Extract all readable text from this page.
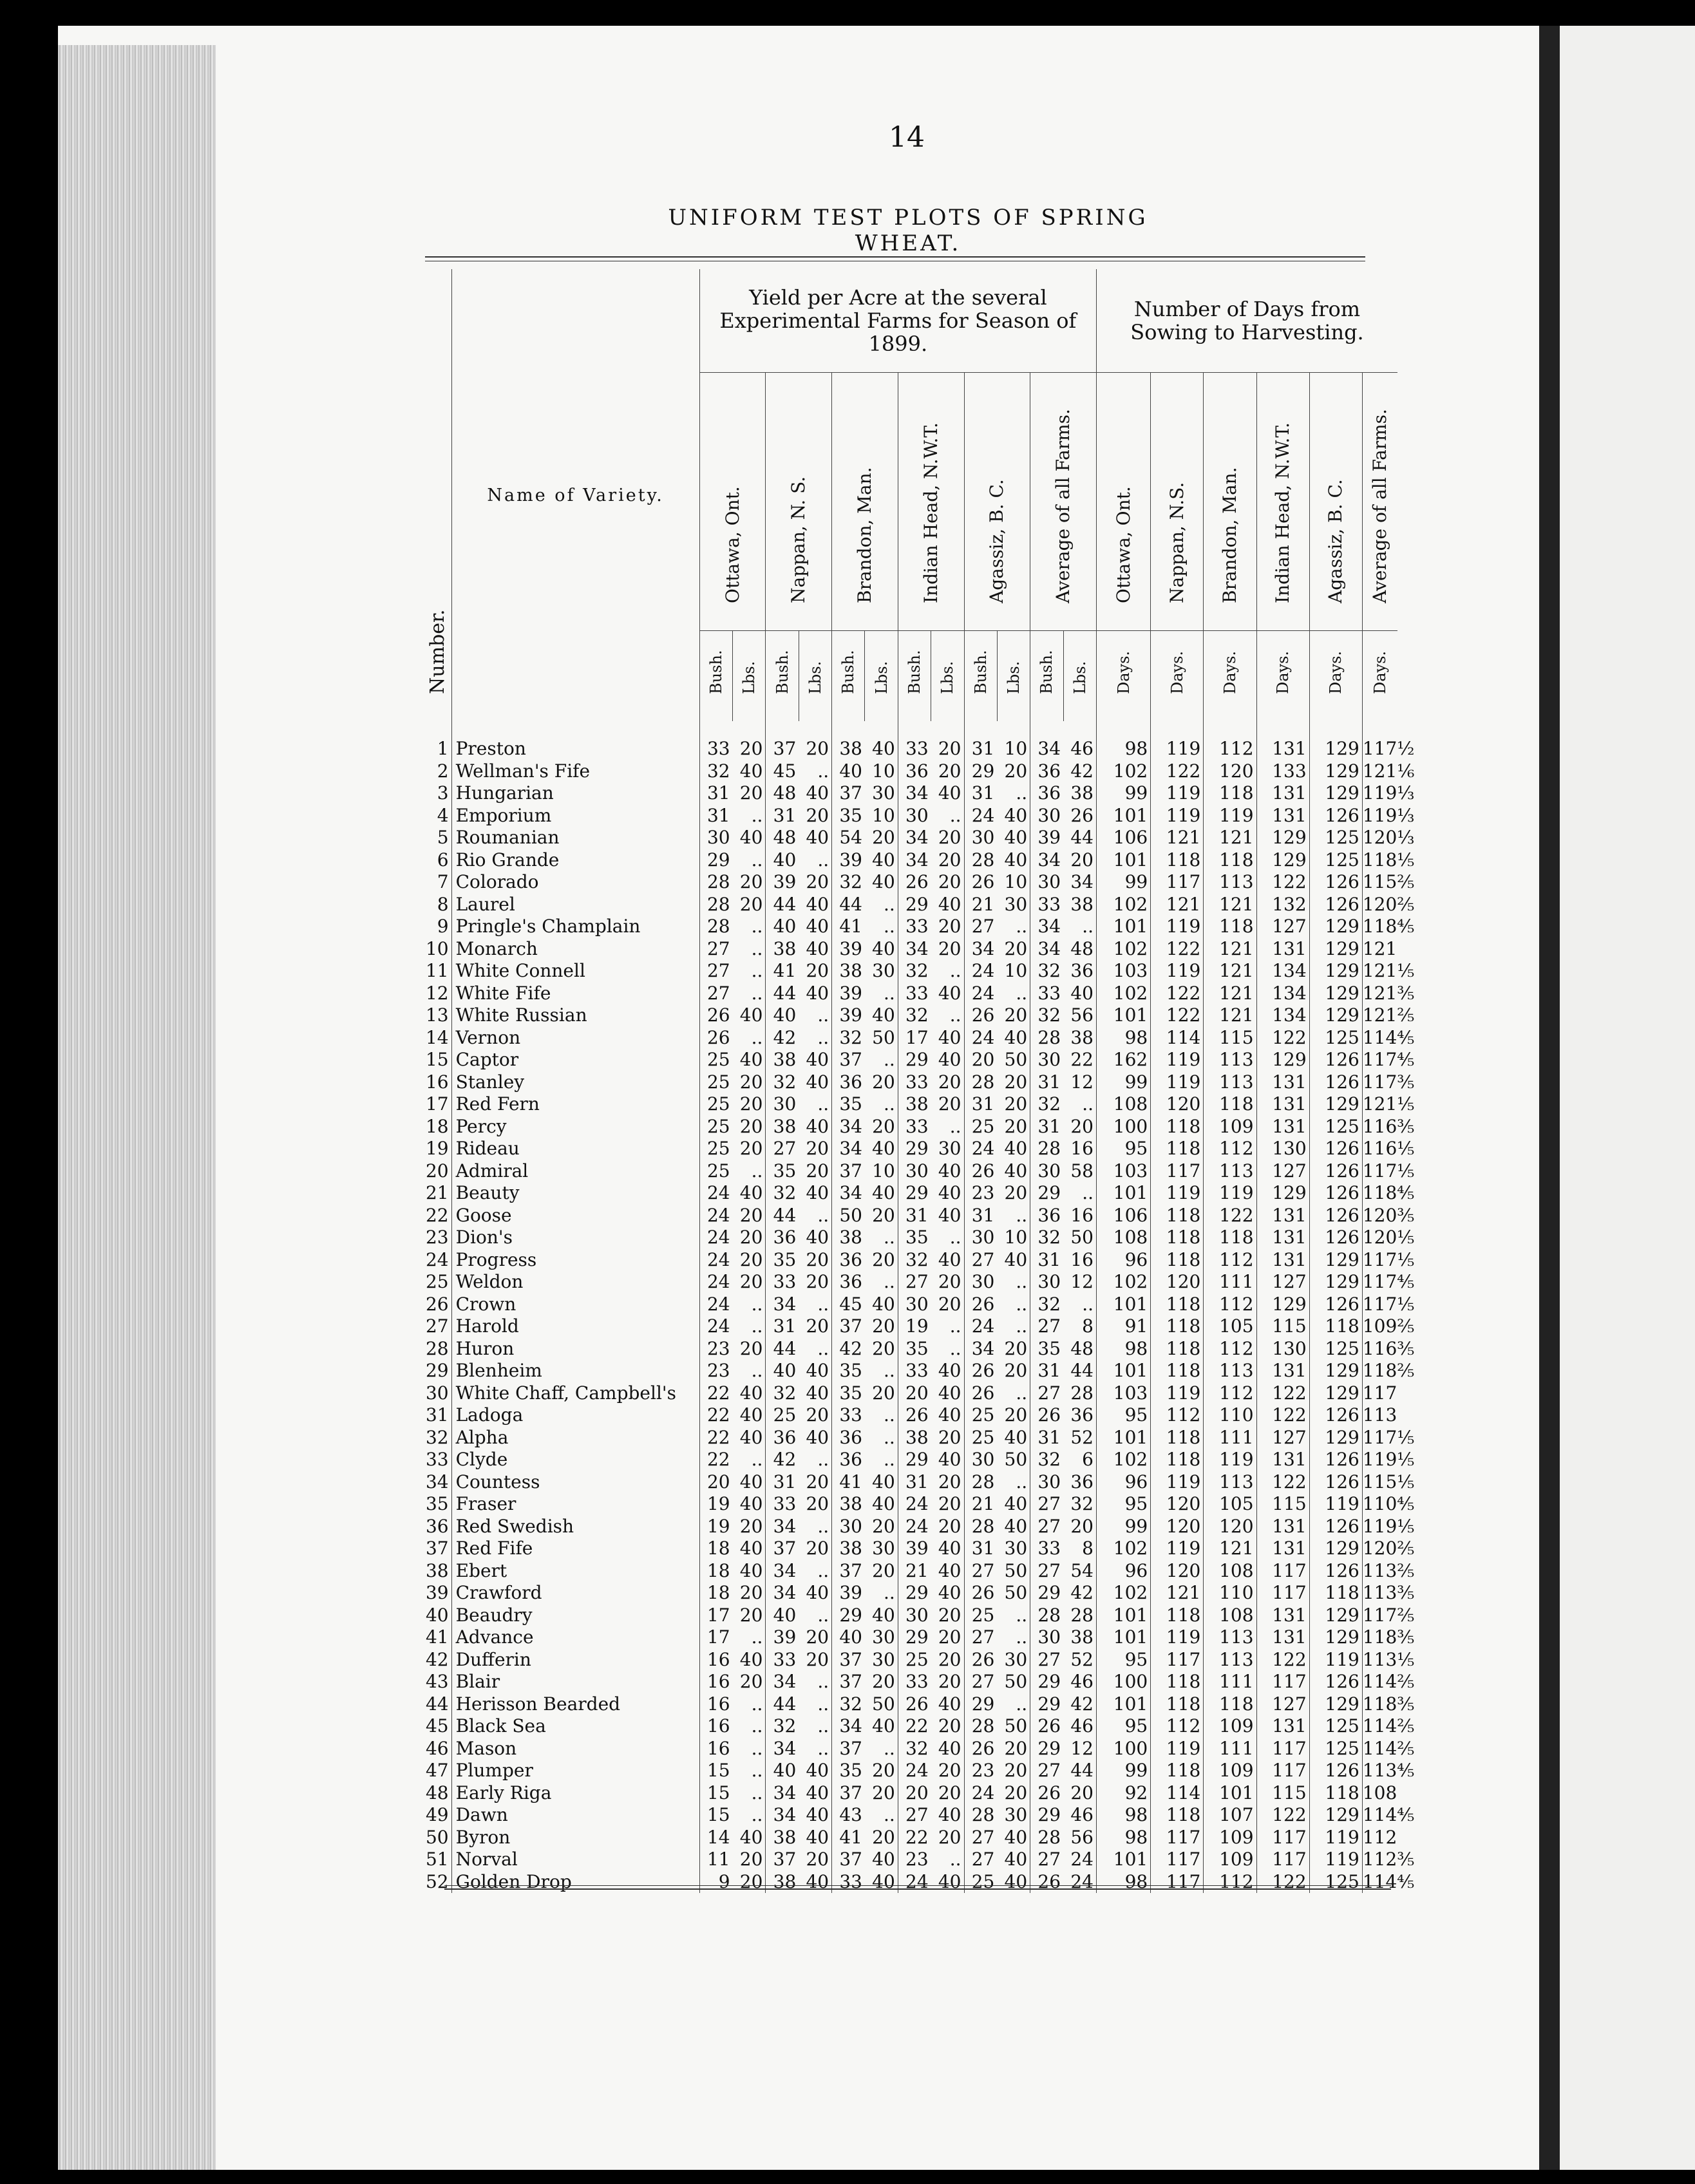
14
UNIFORM TEST PLOTS OF SPRING WHEAT.
Number.	Name of Variety.	Yield per Acre at the several Experimental Farms for Season of 1899.												Number of Days from Sowing to Harvesting.					

		Ottawa, Ont.		Nappan, N. S.		Brandon, Man.		Indian Head, N.W.T.		Agassiz, B. C.		Average of all Farms.		Ottawa, Ont.	Nappan, N.S.	Brandon, Man.	Indian Head, N.W.T.	Agassiz, B. C.	Average of all Farms.

		Bush.	Lbs.	Bush.	Lbs.	Bush.	Lbs.	Bush.	Lbs.	Bush.	Lbs.	Bush.	Lbs.	Days.	Days.	Days.	Days.	Days.	Days.

1	Preston	33	20	37	20	38	40	33	20	31	10	34	46	98	119	112	131	129	117½
2	Wellman's Fife	32	40	45	..	40	10	36	20	29	20	36	42	102	122	120	133	129	121⅙
3	Hungarian	31	20	48	40	37	30	34	40	31	..	36	38	99	119	118	131	129	119⅓
4	Emporium	31	..	31	20	35	10	30	..	24	40	30	26	101	119	119	131	126	119⅓
5	Roumanian	30	40	48	40	54	20	34	20	30	40	39	44	106	121	121	129	125	120⅓
6	Rio Grande	29	..	40	..	39	40	34	20	28	40	34	20	101	118	118	129	125	118⅕
7	Colorado	28	20	39	20	32	40	26	20	26	10	30	34	99	117	113	122	126	115⅖
8	Laurel	28	20	44	40	44	..	29	40	21	30	33	38	102	121	121	132	126	120⅖
9	Pringle's Champlain	28	..	40	40	41	..	33	20	27	..	34	..	101	119	118	127	129	118⅘
10	Monarch	27	..	38	40	39	40	34	20	34	20	34	48	102	122	121	131	129	121
11	White Connell	27	..	41	20	38	30	32	..	24	10	32	36	103	119	121	134	129	121⅕
12	White Fife	27	..	44	40	39	..	33	40	24	..	33	40	102	122	121	134	129	121⅗
13	White Russian	26	40	40	..	39	40	32	..	26	20	32	56	101	122	121	134	129	121⅖
14	Vernon	26	..	42	..	32	50	17	40	24	40	28	38	98	114	115	122	125	114⅘
15	Captor	25	40	38	40	37	..	29	40	20	50	30	22	162	119	113	129	126	117⅘
16	Stanley	25	20	32	40	36	20	33	20	28	20	31	12	99	119	113	131	126	117⅗
17	Red Fern	25	20	30	..	35	..	38	20	31	20	32	..	108	120	118	131	129	121⅕
18	Percy	25	20	38	40	34	20	33	..	25	20	31	20	100	118	109	131	125	116⅗
19	Rideau	25	20	27	20	34	40	29	30	24	40	28	16	95	118	112	130	126	116⅕
20	Admiral	25	..	35	20	37	10	30	40	26	40	30	58	103	117	113	127	126	117⅕
21	Beauty	24	40	32	40	34	40	29	40	23	20	29	..	101	119	119	129	126	118⅘
22	Goose	24	20	44	..	50	20	31	40	31	..	36	16	106	118	122	131	126	120⅗
23	Dion's	24	20	36	40	38	..	35	..	30	10	32	50	108	118	118	131	126	120⅕
24	Progress	24	20	35	20	36	20	32	40	27	40	31	16	96	118	112	131	129	117⅕
25	Weldon	24	20	33	20	36	..	27	20	30	..	30	12	102	120	111	127	129	117⅘
26	Crown	24	..	34	..	45	40	30	20	26	..	32	..	101	118	112	129	126	117⅕
27	Harold	24	..	31	20	37	20	19	..	24	..	27	8	91	118	105	115	118	109⅖
28	Huron	23	20	44	..	42	20	35	..	34	20	35	48	98	118	112	130	125	116⅗
29	Blenheim	23	..	40	40	35	..	33	40	26	20	31	44	101	118	113	131	129	118⅖
30	White Chaff, Campbell's	22	40	32	40	35	20	20	40	26	..	27	28	103	119	112	122	129	117
31	Ladoga	22	40	25	20	33	..	26	40	25	20	26	36	95	112	110	122	126	113
32	Alpha	22	40	36	40	36	..	38	20	25	40	31	52	101	118	111	127	129	117⅕
33	Clyde	22	..	42	..	36	..	29	40	30	50	32	6	102	118	119	131	126	119⅕
34	Countess	20	40	31	20	41	40	31	20	28	..	30	36	96	119	113	122	126	115⅕
35	Fraser	19	40	33	20	38	40	24	20	21	40	27	32	95	120	105	115	119	110⅘
36	Red Swedish	19	20	34	..	30	20	24	20	28	40	27	20	99	120	120	131	126	119⅕
37	Red Fife	18	40	37	20	38	30	39	40	31	30	33	8	102	119	121	131	129	120⅖
38	Ebert	18	40	34	..	37	20	21	40	27	50	27	54	96	120	108	117	126	113⅖
39	Crawford	18	20	34	40	39	..	29	40	26	50	29	42	102	121	110	117	118	113⅗
40	Beaudry	17	20	40	..	29	40	30	20	25	..	28	28	101	118	108	131	129	117⅖
41	Advance	17	..	39	20	40	30	29	20	27	..	30	38	101	119	113	131	129	118⅗
42	Dufferin	16	40	33	20	37	30	25	20	26	30	27	52	95	117	113	122	119	113⅕
43	Blair	16	20	34	..	37	20	33	20	27	50	29	46	100	118	111	117	126	114⅖
44	Herisson Bearded	16	..	44	..	32	50	26	40	29	..	29	42	101	118	118	127	129	118⅗
45	Black Sea	16	..	32	..	34	40	22	20	28	50	26	46	95	112	109	131	125	114⅖
46	Mason	16	..	34	..	37	..	32	40	26	20	29	12	100	119	111	117	125	114⅖
47	Plumper	15	..	40	40	35	20	24	20	23	20	27	44	99	118	109	117	126	113⅘
48	Early Riga	15	..	34	40	37	20	20	20	24	20	26	20	92	114	101	115	118	108
49	Dawn	15	..	34	40	43	..	27	40	28	30	29	46	98	118	107	122	129	114⅘
50	Byron	14	40	38	40	41	20	22	20	27	40	28	56	98	117	109	117	119	112
51	Norval	11	20	37	20	37	40	23	..	27	40	27	24	101	117	109	117	119	112⅗
52	Golden Drop	9	20	38	40	33	40	24	40	25	40	26	24	98	117	112	122	125	114⅘
